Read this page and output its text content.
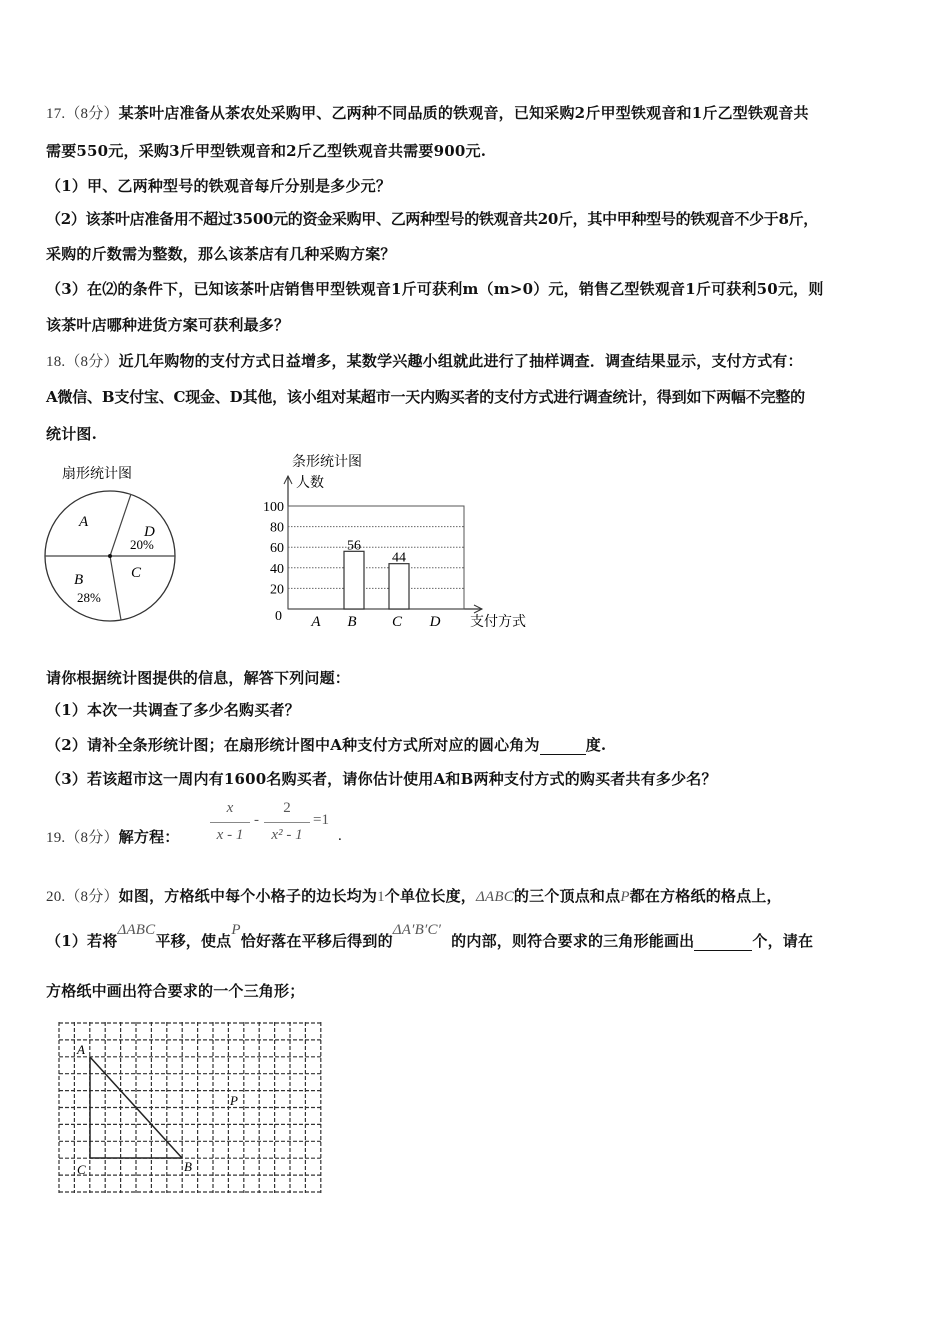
17.（8分）某茶叶店准备从茶农处采购甲、乙两种不同品质的铁观音，已知采购2斤甲型铁观音和1斤乙型铁观音共
需要550元，采购3斤甲型铁观音和2斤乙型铁观音共需要900元.
（1）甲、乙两种型号的铁观音每斤分别是多少元？
（2）该茶叶店准备用不超过3500元的资金采购甲、乙两种型号的铁观音共20斤，其中甲种型号的铁观音不少于8斤，
采购的斤数需为整数，那么该茶店有几种采购方案？
（3）在⑵的条件下，已知该茶叶店销售甲型铁观音1斤可获利m（m>0）元，销售乙型铁观音1斤可获利50元，则
该茶叶店哪种进货方案可获利最多？
18.（8分）近几年购物的支付方式日益增多，某数学兴趣小组就此进行了抽样调查．调查结果显示，支付方式有：
A微信、B支付宝、C现金、D其他，该小组对某超市一天内购买者的支付方式进行调查统计，得到如下两幅不完整的
统计图.
扇形统计图
A
D
20%
C
B
28%
条形统计图
人数
支付方式
0
20
40
60
80
100
A B
56
C
44
D
请你根据统计图提供的信息，解答下列问题：
（1）本次一共调查了多少名购买者？
（2）请补全条形统计图；在扇形统计图中A种支付方式所对应的圆心角为	度.
（3）若该超市这一周内有1600名购买者，请你估计使用A和B两种支付方式的购买者共有多少名？
19.（8分）解方程：
x
x - 1
-
2
x² - 1
=1
.
20.（8分）如图，方格纸中每个小格子的边长均为1个单位长度，ΔABC的三个顶点和点P都在方格纸的格点上，
（1）若将ΔABC平移，使点P恰好落在平移后得到的ΔA′B′C′的内部，则符合要求的三角形能画出	个，请在
方格纸中画出符合要求的一个三角形；
A
C	B
P
